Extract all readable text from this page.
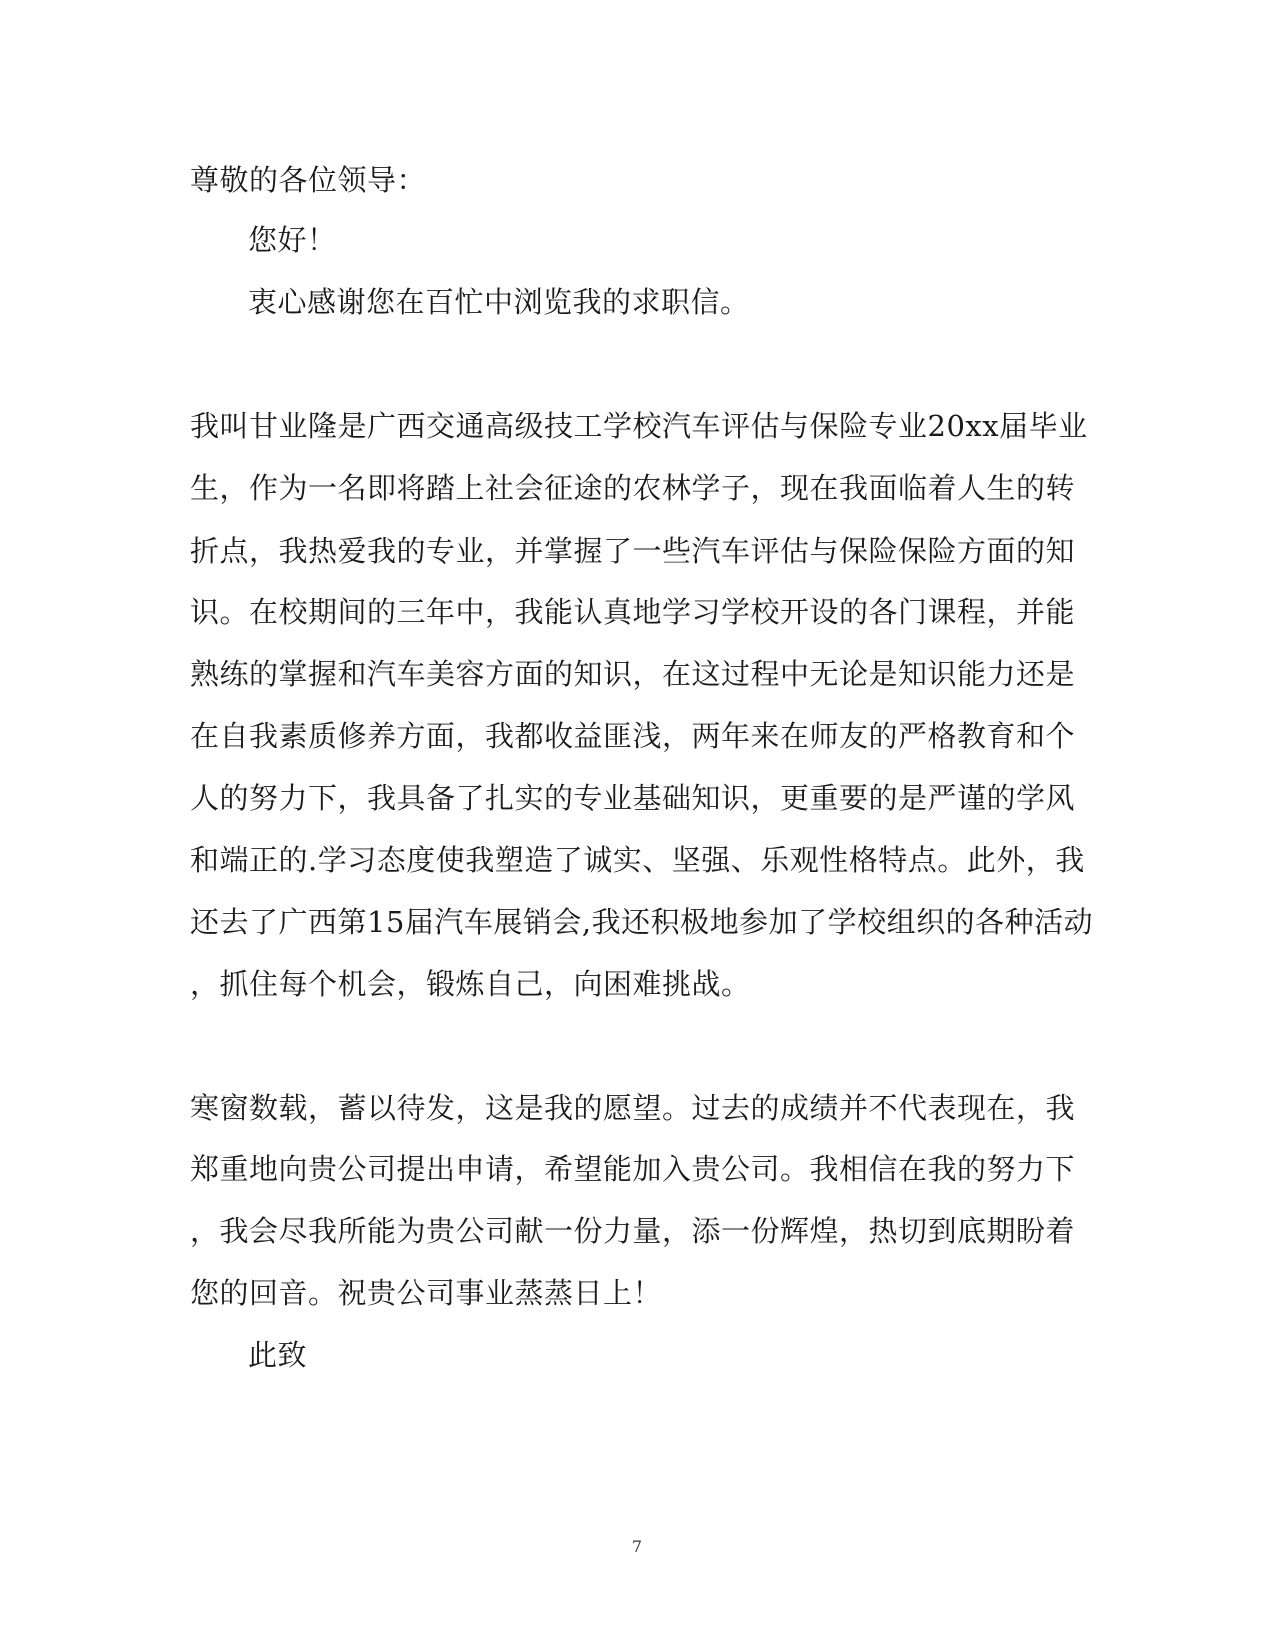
尊敬的各位领导：
您好！
衷心感谢您在百忙中浏览我的求职信。
我叫甘业隆是广西交通高级技工学校汽车评估与保险专业20xx届毕业
生，作为一名即将踏上社会征途的农林学子，现在我面临着人生的转
折点，我热爱我的专业，并掌握了一些汽车评估与保险保险方面的知
识。在校期间的三年中，我能认真地学习学校开设的各门课程，并能
熟练的掌握和汽车美容方面的知识，在这过程中无论是知识能力还是
在自我素质修养方面，我都收益匪浅，两年来在师友的严格教育和个
人的努力下，我具备了扎实的专业基础知识，更重要的是严谨的学风
和端正的.学习态度使我塑造了诚实、坚强、乐观性格特点。此外，我
还去了广西第15届汽车展销会,我还积极地参加了学校组织的各种活动
，抓住每个机会，锻炼自己，向困难挑战。
寒窗数载，蓄以待发，这是我的愿望。过去的成绩并不代表现在，我
郑重地向贵公司提出申请，希望能加入贵公司。我相信在我的努力下
，我会尽我所能为贵公司献一份力量，添一份辉煌，热切到底期盼着
您的回音。祝贵公司事业蒸蒸日上！
此致
7
